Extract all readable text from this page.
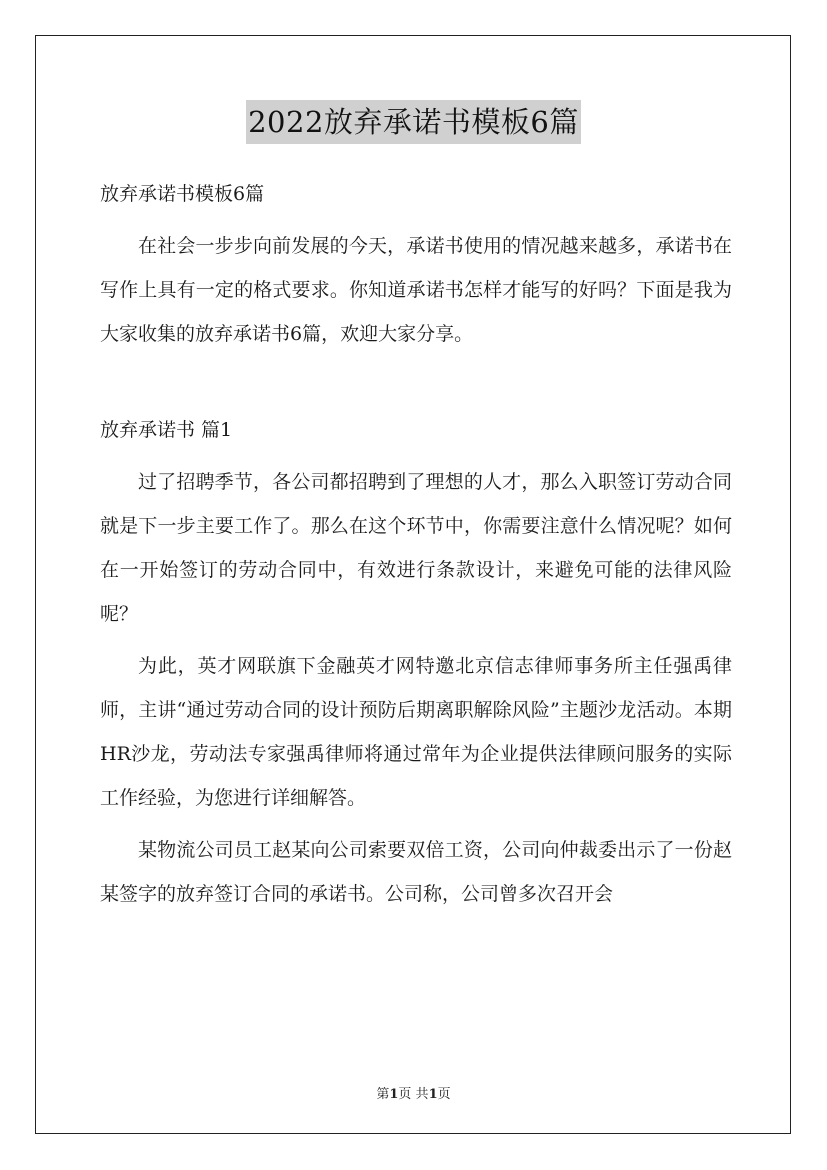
2022放弃承诺书模板6篇

放弃承诺书模板6篇

在社会一步步向前发展的今天，承诺书使用的情况越来越多，承诺书在写作上具有一定的格式要求。你知道承诺书怎样才能写的好吗？下面是我为大家收集的放弃承诺书6篇，欢迎大家分享。

放弃承诺书 篇1

过了招聘季节，各公司都招聘到了理想的人才，那么入职签订劳动合同就是下一步主要工作了。那么在这个环节中，你需要注意什么情况呢？如何在一开始签订的劳动合同中，有效进行条款设计，来避免可能的法律风险呢？

为此，英才网联旗下金融英才网特邀北京信志律师事务所主任强禹律师，主讲“通过劳动合同的设计预防后期离职解除风险”主题沙龙活动。本期HR沙龙，劳动法专家强禹律师将通过常年为企业提供法律顾问服务的实际工作经验，为您进行详细解答。

某物流公司员工赵某向公司索要双倍工资，公司向仲裁委出示了一份赵某签字的放弃签订合同的承诺书。公司称，公司曾多次召开会

第1页 共1页
